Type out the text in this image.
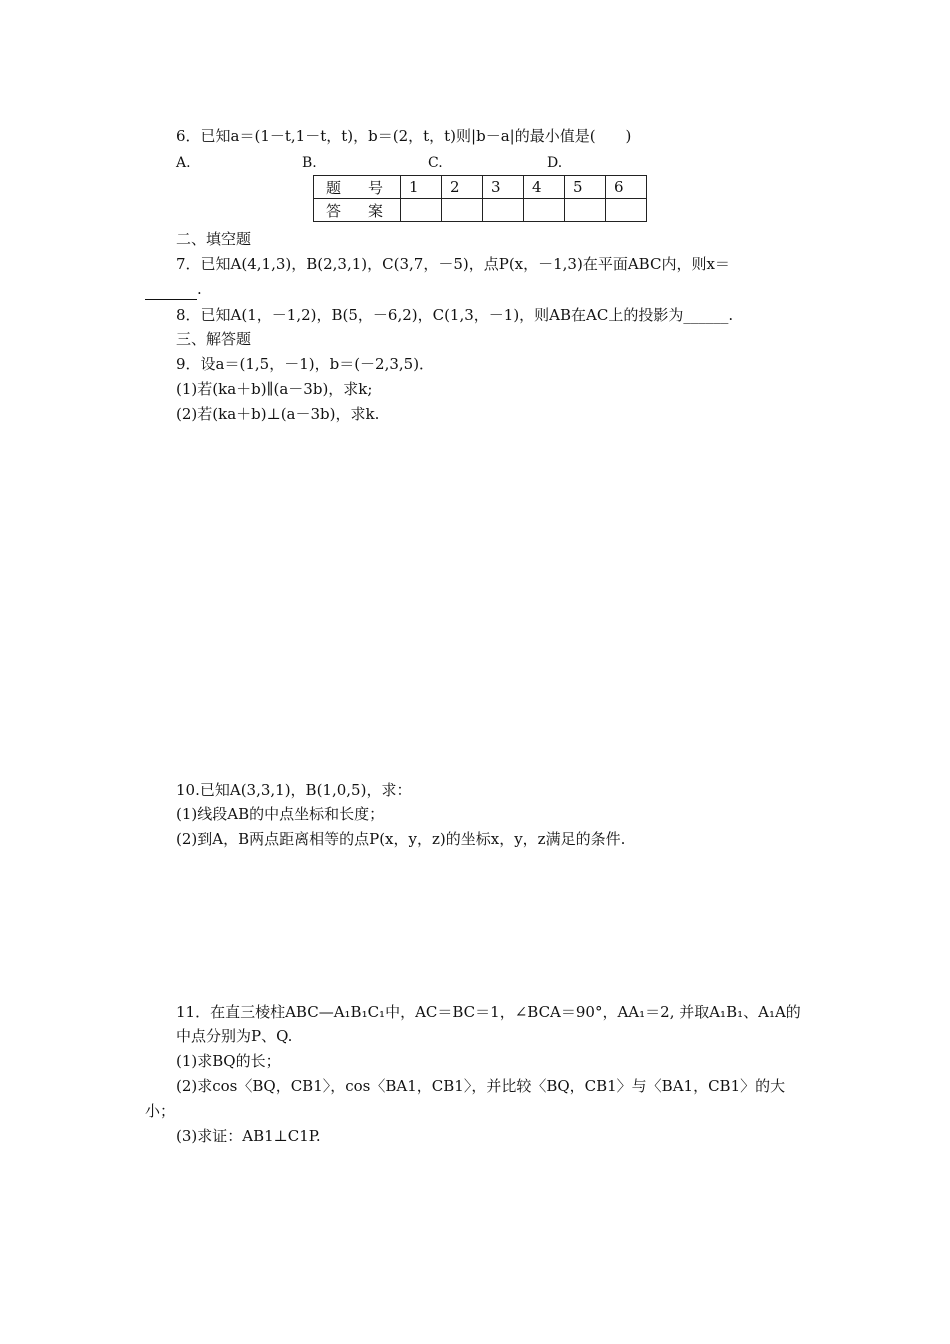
6．已知a＝(1－t,1－t，t)，b＝(2，t，t)则|b－a|的最小值是(　　)
A.	B.	C.	D.
题　号	1	2	3	4	5	6
答　案						
二、填空题
7．已知A(4,1,3)，B(2,3,1)，C(3,7，－5)，点P(x，－1,3)在平面ABC内，则x＝
.
8．已知A(1，－1,2)，B(5，－6,2)，C(1,3，－1)，则AB在AC上的投影为______.
三、解答题
9．设a＝(1,5，－1)，b＝(－2,3,5)．
(1)若(ka＋b)∥(a－3b)，求k;
(2)若(ka＋b)⊥(a－3b)，求k.
10.已知A(3,3,1)，B(1,0,5)，求：
(1)线段AB的中点坐标和长度；
(2)到A，B两点距离相等的点P(x，y，z)的坐标x，y，z满足的条件.
11．在直三棱柱ABC—A₁B₁C₁中，AC＝BC＝1，∠BCA＝90°，AA₁＝2, 并取A₁B₁、A₁A的
中点分别为P、Q.
(1)求BQ的长；
(2)求cos〈BQ，CB1〉，cos〈BA1，CB1〉，并比较〈BQ，CB1〉与〈BA1，CB1〉的大
小；
(3)求证：AB1⊥C1P.
